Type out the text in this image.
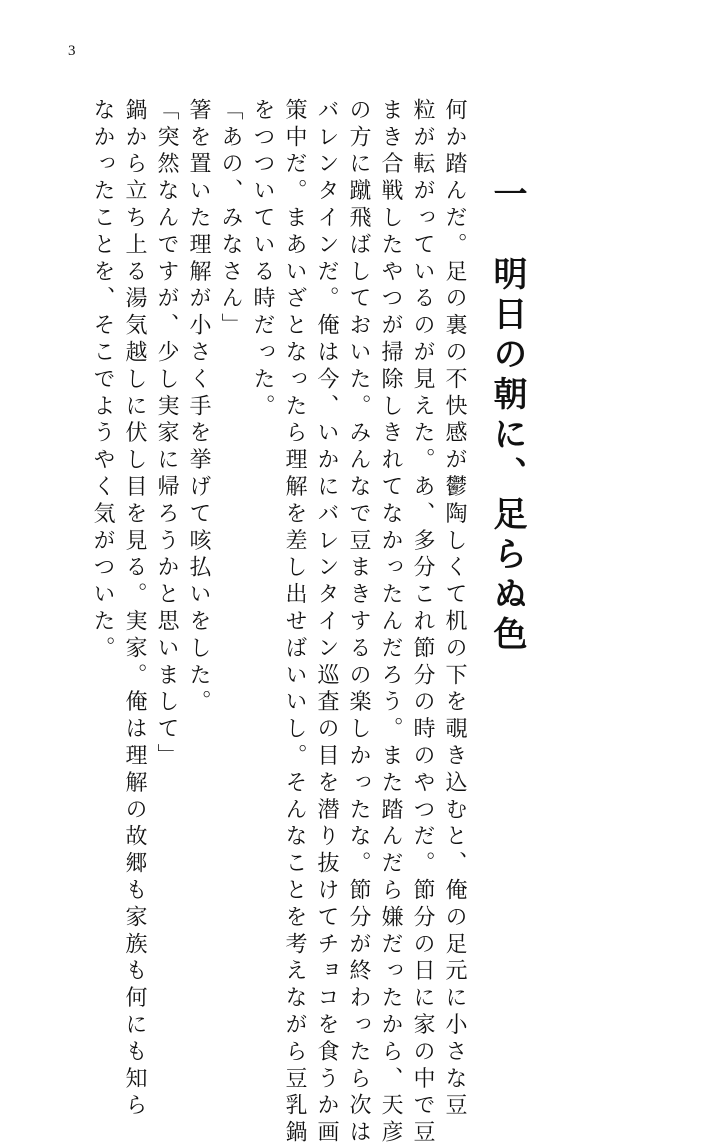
3
一　明日の朝に、足らぬ色
何か踏んだ。足の裏の不快感が鬱陶しくて机の下を覗き込むと、俺の足元に小さな豆
粒が転がっているのが見えた。あ、多分これ節分の時のやつだ。節分の日に家の中で豆
まき合戦したやつが掃除しきれてなかったんだろう。また踏んだら嫌だったから、天彦
の方に蹴飛ばしておいた。みんなで豆まきするの楽しかったな。節分が終わったら次は
バレンタインだ。俺は今、いかにバレンタイン巡査の目を潜り抜けてチョコを食うか画
策中だ。まあいざとなったら理解を差し出せばいいし。そんなことを考えながら豆乳鍋
をつついている時だった。
「あの、みなさん」
箸を置いた理解が小さく手を挙げて咳払いをした。
「突然なんですが、少し実家に帰ろうかと思いまして」
鍋から立ち上る湯気越しに伏し目を見る。実家。俺は理解の故郷も家族も何にも知ら
なかったことを、そこでようやく気がついた。
